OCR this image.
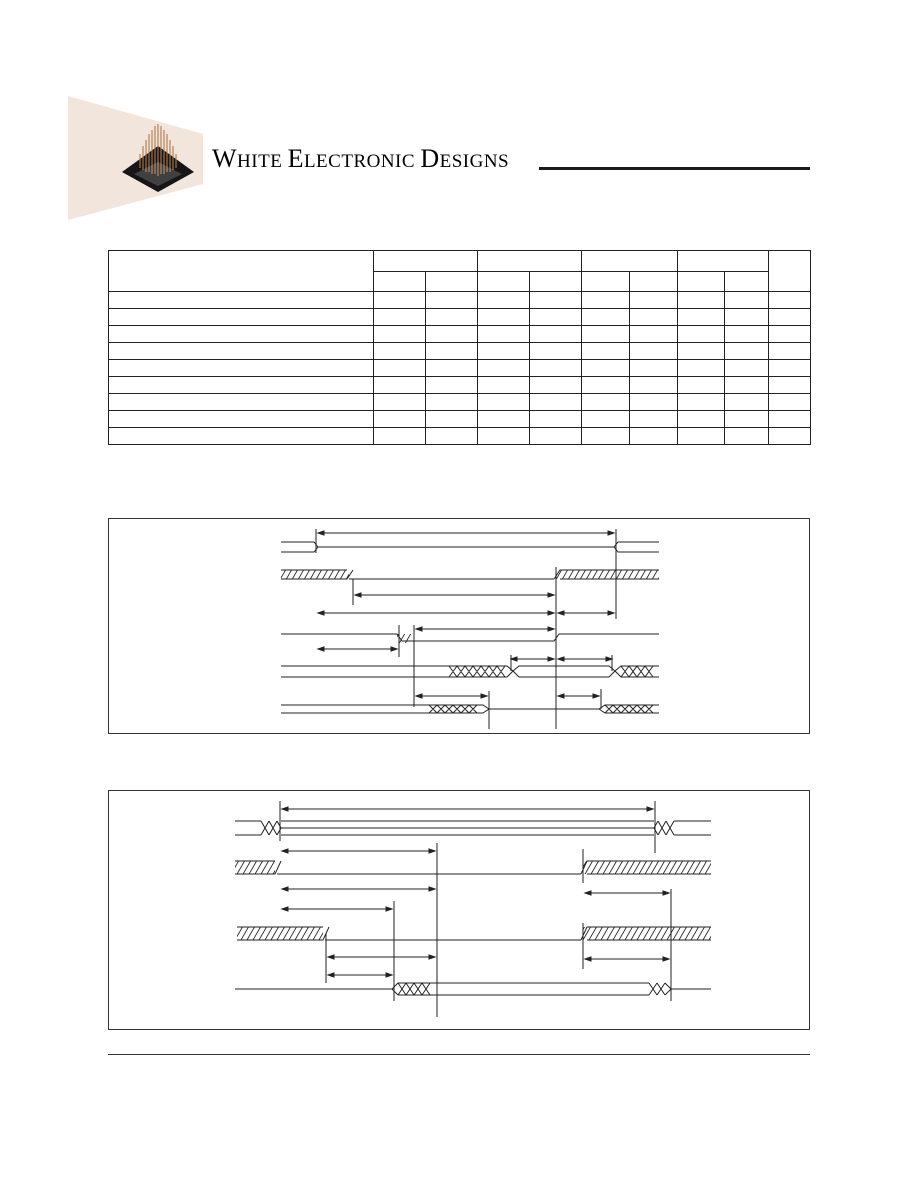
WHITE ELECTRONIC DESIGNS
